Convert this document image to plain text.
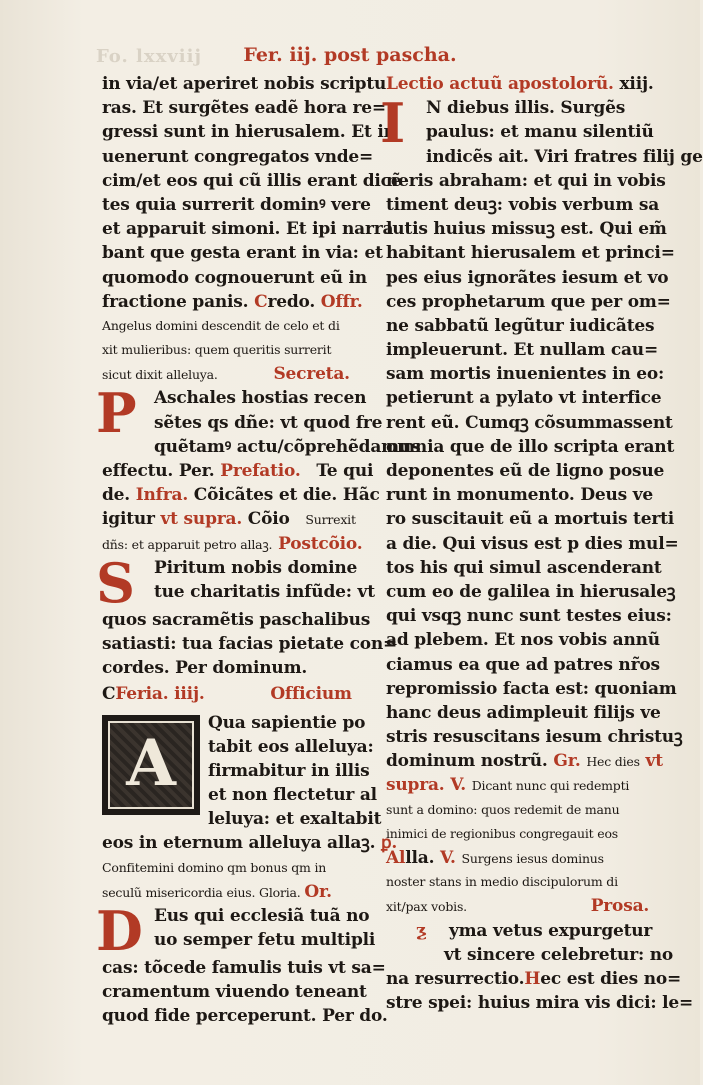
Fo. lxxviij	Fer. iij. post pascha.
in via/et aperiret nobis scriptu
ras. Et surgẽtes eadẽ hora re=
gressi sunt in hierusalem. Et in
uenerunt congregatos vnde=
cim/et eos qui cũ illis erant dicẽ
tes quia surrerit dominꝰ vere
et apparuit simoni. Et ipi narra
bant que gesta erant in via: et
quomodo cognouerunt eũ in
fractione panis. Credo. Offr.
Angelus domini descendit de celo et di
xit mulieribus: quem queritis surrerit
sicut dixit alleluya.	Secreta.
P	Aschales hostias recen
sẽtes qs dñe: vt quod fre
quẽtamꝰ actu/cõprehẽdamus
effectu. Per. Prefatio. Te qui
de. Infra. Cõicãtes et die. Hãc
igitur vt supra. Cõio Surrexit
dñs: et apparuit petro allaꝫ. Postcõio.
S	Piritum nobis domine
tue charitatis infũde: vt
quos sacramẽtis paschalibus
satiasti: tua facias pietate con=
cordes. Per dominum.
CFeria. iiij.	Officium
A
Qua sapientie po
tabit eos alleluya:
firmabitur in illis
et non flectetur al
leluya: et exaltabit
eos in eternum alleluya allaꝫ. ꝑ.
Confitemini domino qm bonus qm in
seculũ misericordia eius. Gloria. Or.
D Eus qui ecclesiã tuã no
uo semper fetu multipli
cas: tõcede famulis tuis vt sa=
cramentum viuendo teneant
quod fide perceperunt. Per do.
Lectio actuũ apostolorũ. xiij.
I	N diebus illis. Surgẽs
paulus: et manu silentiũ
indicẽs ait. Viri fratres filij ge
neris abraham: et qui in vobis
timent deuꝫ: vobis verbum sa
lutis huius missuꝫ est. Qui em̃
habitant hierusalem et princi=
pes eius ignorãtes iesum et vo
ces prophetarum que per om=
ne sabbatũ legũtur iudicãtes
impleuerunt. Et nullam cau=
sam mortis inuenientes in eo:
petierunt a pylato vt interfice
rent eũ. Cumqꝫ cõsummassent
omnia que de illo scripta erant
deponentes eũ de ligno posue
runt in monumento. Deus ve
ro suscitauit eũ a mortuis terti
a die. Qui visus est p dies mul=
tos his qui simul ascenderant
cum eo de galilea in hierusaleꝫ
qui vsqꝫ nunc sunt testes eius:
ad plebem. Et nos vobis annũ
ciamus ea que ad patres nr̃os
repromissio facta est: quoniam
hanc deus adimpleuit filijs ve
stris resuscitans iesum christuꝫ
dominum nostrũ. Gr. Hec dies vt
supra. V. Dicant nunc qui redempti
sunt a domino: quos redemit de manu
inimici de regionibus congregauit eos
Allla. V. Surgens iesus dominus
noster stans in medio discipulorum di
xit/pax vobis.	Prosa.
ƺ yma vetus expurgetur
vt sincere celebretur: no
na resurrectio.Hec est dies no=
stre spei: huius mira vis dici: le=
